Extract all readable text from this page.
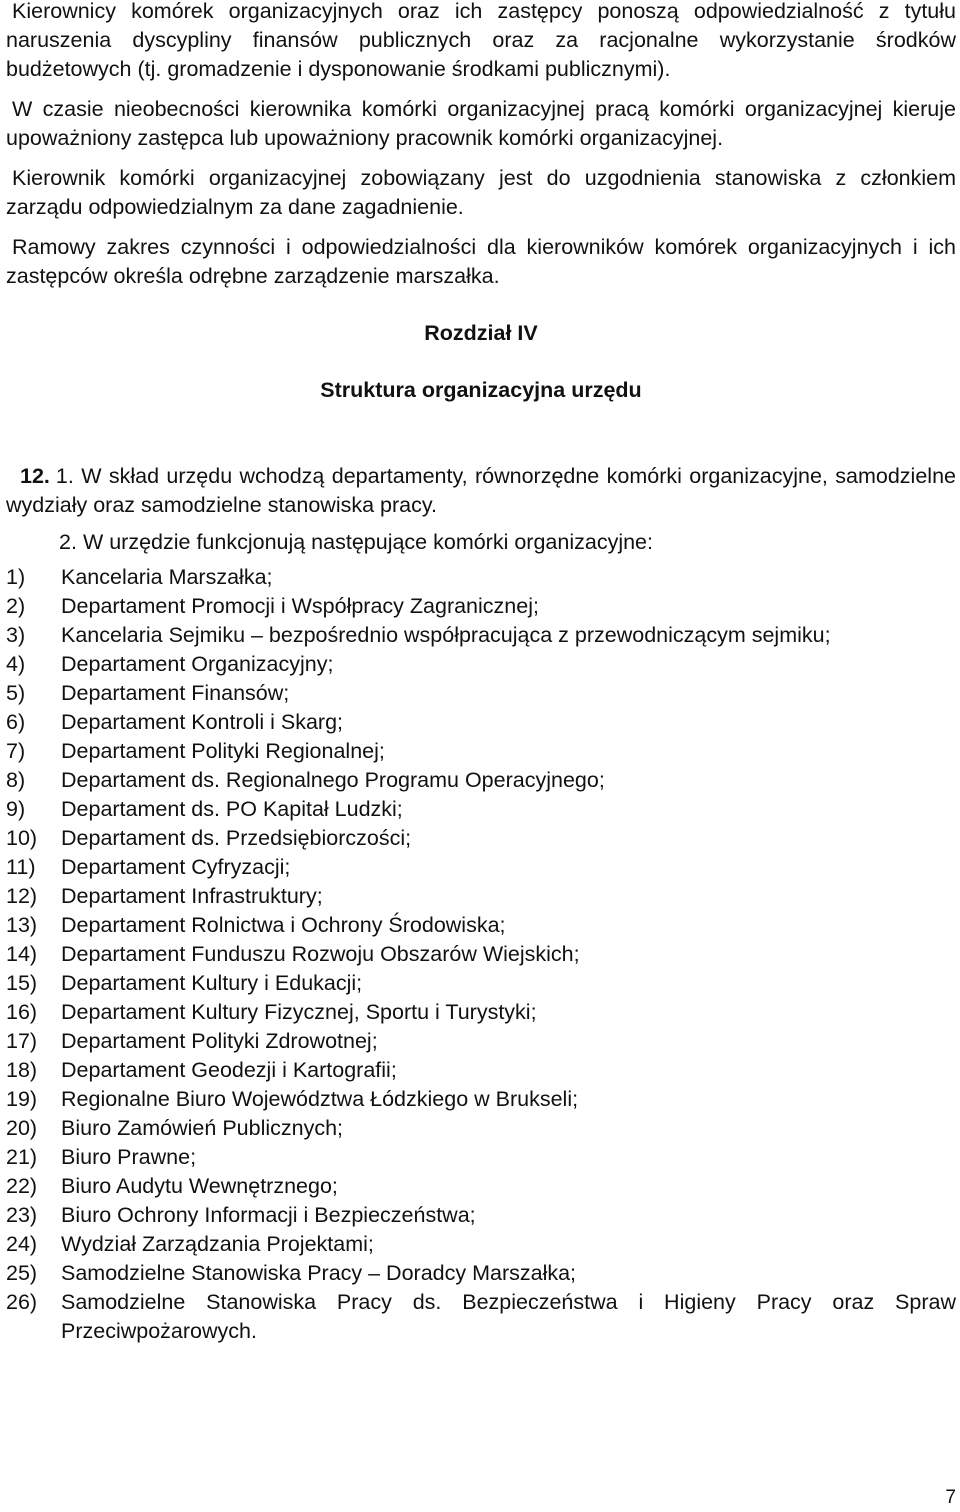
Kierownicy komórek organizacyjnych oraz ich zastępcy ponoszą odpowiedzialność z tytułu naruszenia dyscypliny finansów publicznych oraz za racjonalne wykorzystanie środków budżetowych (tj. gromadzenie i dysponowanie środkami publicznymi).

W czasie nieobecności kierownika komórki organizacyjnej pracą komórki organizacyjnej kieruje upoważniony zastępca lub upoważniony pracownik komórki organizacyjnej.

Kierownik komórki organizacyjnej zobowiązany jest do uzgodnienia stanowiska z członkiem zarządu odpowiedzialnym za dane zagadnienie.

Ramowy zakres czynności i odpowiedzialności dla kierowników komórek organizacyjnych i ich zastępców określa odrębne zarządzenie marszałka.

Rozdział IV

Struktura organizacyjna urzędu

12. 1. W skład urzędu wchodzą departamenty, równorzędne komórki organizacyjne, samodzielne wydziały oraz samodzielne stanowiska pracy.

2. W urzędzie funkcjonują następujące komórki organizacyjne:

1) Kancelaria Marszałka;
2) Departament Promocji i Współpracy Zagranicznej;
3) Kancelaria Sejmiku – bezpośrednio współpracująca z przewodniczącym sejmiku;
4) Departament Organizacyjny;
5) Departament Finansów;
6) Departament Kontroli i Skarg;
7) Departament Polityki Regionalnej;
8) Departament ds. Regionalnego Programu Operacyjnego;
9) Departament ds. PO Kapitał Ludzki;
10) Departament ds. Przedsiębiorczości;
11) Departament Cyfryzacji;
12) Departament Infrastruktury;
13) Departament Rolnictwa i Ochrony Środowiska;
14) Departament Funduszu Rozwoju Obszarów Wiejskich;
15) Departament Kultury i Edukacji;
16) Departament Kultury Fizycznej, Sportu i Turystyki;
17) Departament Polityki Zdrowotnej;
18) Departament Geodezji i Kartografii;
19) Regionalne Biuro Województwa Łódzkiego w Brukseli;
20) Biuro Zamówień Publicznych;
21) Biuro Prawne;
22) Biuro Audytu Wewnętrznego;
23) Biuro Ochrony Informacji i Bezpieczeństwa;
24) Wydział Zarządzania Projektami;
25) Samodzielne Stanowiska Pracy – Doradcy Marszałka;
26) Samodzielne Stanowiska Pracy ds. Bezpieczeństwa i Higieny Pracy oraz Spraw Przeciwpożarowych.
7
